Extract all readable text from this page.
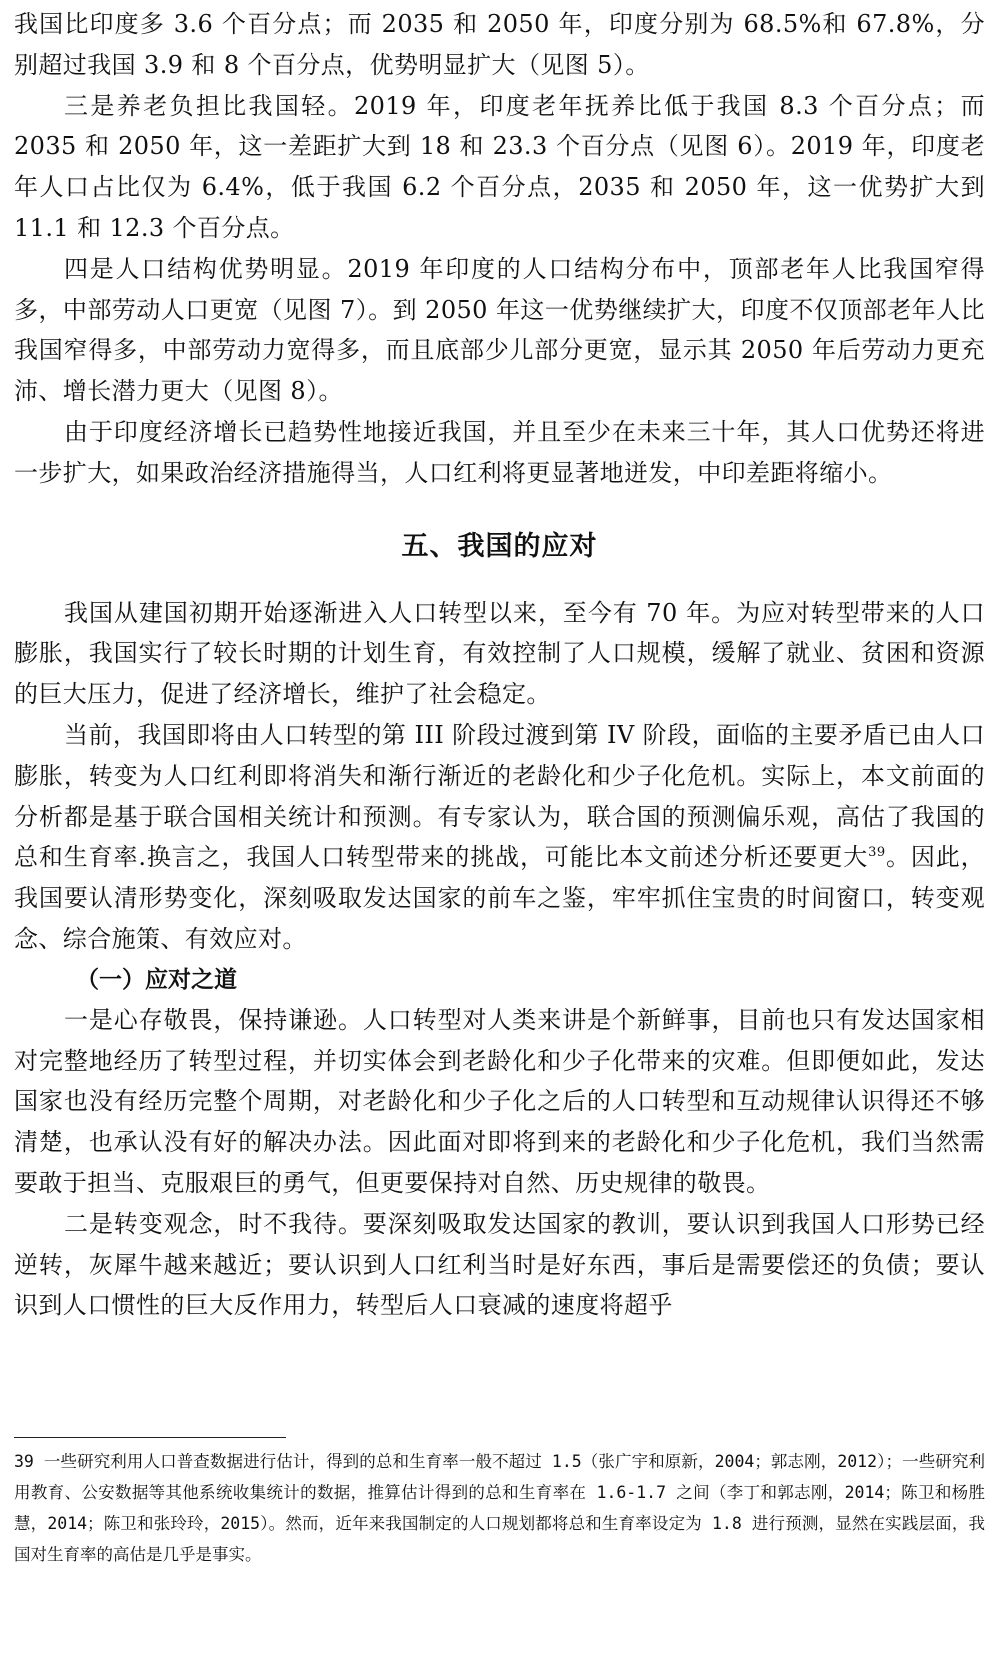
我国比印度多 3.6 个百分点；而 2035 和 2050 年，印度分别为 68.5%和 67.8%，分别超过我国 3.9 和 8 个百分点，优势明显扩大（见图 5）。

三是养老负担比我国轻。2019 年，印度老年抚养比低于我国 8.3 个百分点；而 2035 和 2050 年，这一差距扩大到 18 和 23.3 个百分点（见图 6）。2019 年，印度老年人口占比仅为 6.4%，低于我国 6.2 个百分点，2035 和 2050 年，这一优势扩大到 11.1 和 12.3 个百分点。

四是人口结构优势明显。2019 年印度的人口结构分布中，顶部老年人比我国窄得多，中部劳动人口更宽（见图 7）。到 2050 年这一优势继续扩大，印度不仅顶部老年人比我国窄得多，中部劳动力宽得多，而且底部少儿部分更宽，显示其 2050 年后劳动力更充沛、增长潜力更大（见图 8）。

由于印度经济增长已趋势性地接近我国，并且至少在未来三十年，其人口优势还将进一步扩大，如果政治经济措施得当，人口红利将更显著地迸发，中印差距将缩小。

五、我国的应对

我国从建国初期开始逐渐进入人口转型以来，至今有 70 年。为应对转型带来的人口膨胀，我国实行了较长时期的计划生育，有效控制了人口规模，缓解了就业、贫困和资源的巨大压力，促进了经济增长，维护了社会稳定。

当前，我国即将由人口转型的第 III 阶段过渡到第 IV 阶段，面临的主要矛盾已由人口膨胀，转变为人口红利即将消失和渐行渐近的老龄化和少子化危机。实际上，本文前面的分析都是基于联合国相关统计和预测。有专家认为，联合国的预测偏乐观，高估了我国的总和生育率.换言之，我国人口转型带来的挑战，可能比本文前述分析还要更大$^{39}$。因此，我国要认清形势变化，深刻吸取发达国家的前车之鉴，牢牢抓住宝贵的时间窗口，转变观念、综合施策、有效应对。

（一）应对之道

一是心存敬畏，保持谦逊。人口转型对人类来讲是个新鲜事，目前也只有发达国家相对完整地经历了转型过程，并切实体会到老龄化和少子化带来的灾难。但即便如此，发达国家也没有经历完整个周期，对老龄化和少子化之后的人口转型和互动规律认识得还不够清楚，也承认没有好的解决办法。因此面对即将到来的老龄化和少子化危机，我们当然需要敢于担当、克服艰巨的勇气，但更要保持对自然、历史规律的敬畏。

二是转变观念，时不我待。要深刻吸取发达国家的教训，要认识到我国人口形势已经逆转，灰犀牛越来越近；要认识到人口红利当时是好东西，事后是需要偿还的负债；要认识到人口惯性的巨大反作用力，转型后人口衰减的速度将超乎

39 一些研究利用人口普查数据进行估计，得到的总和生育率一般不超过 1.5（张广宇和原新，2004；郭志刚，2012）；一些研究利用教育、公安数据等其他系统收集统计的数据，推算估计得到的总和生育率在 1.6-1.7 之间（李丁和郭志刚，2014；陈卫和杨胜慧，2014；陈卫和张玲玲，2015）。然而，近年来我国制定的人口规划都将总和生育率设定为 1.8 进行预测，显然在实践层面，我国对生育率的高估是几乎是事实。
